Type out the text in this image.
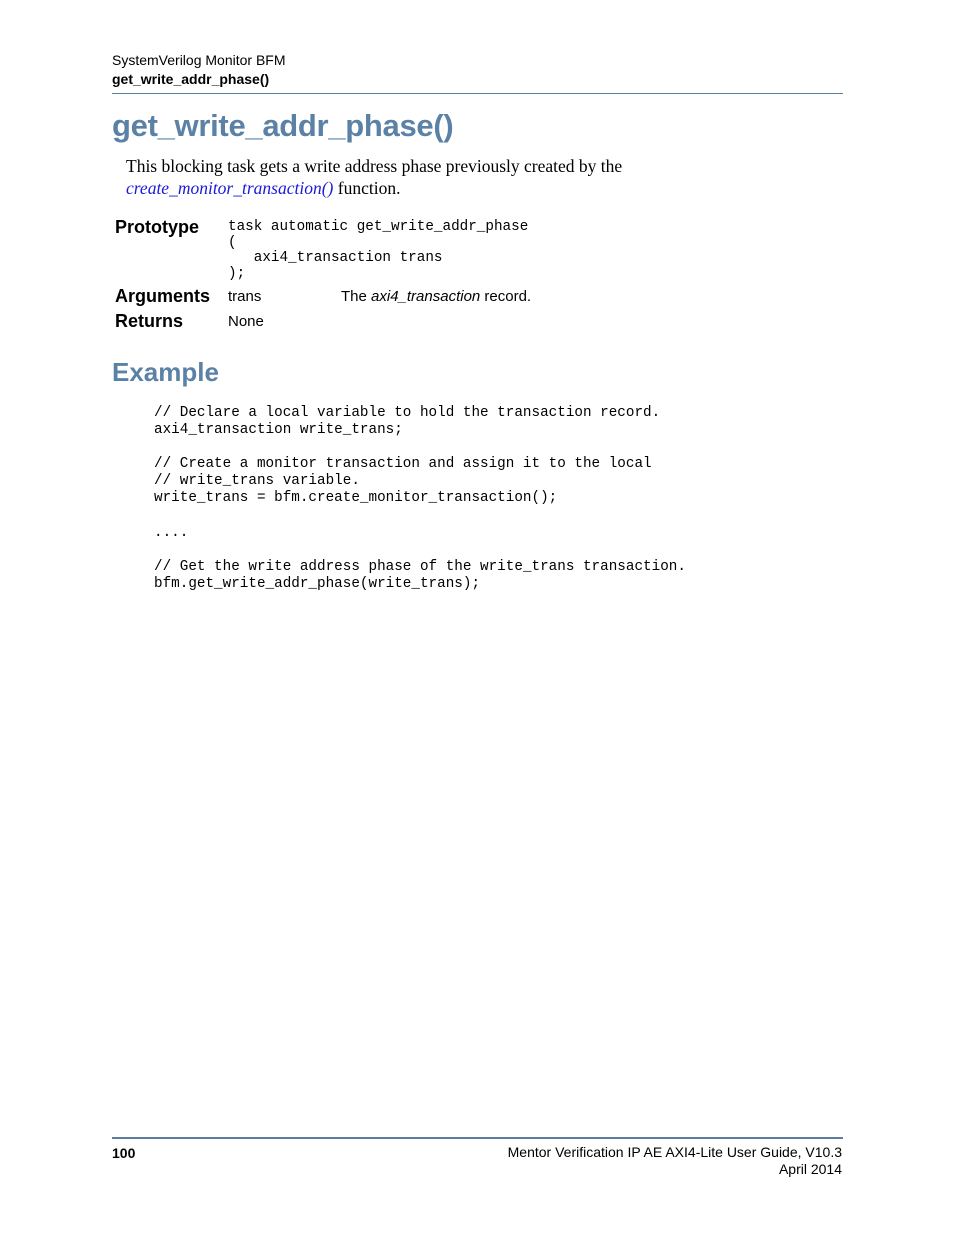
SystemVerilog Monitor BFM
get_write_addr_phase()
get_write_addr_phase()
This blocking task gets a write address phase previously created by the
create_monitor_transaction() function.
Prototype task automatic get_write_addr_phase
(
axi4_transaction trans
);
Arguments trans	The axi4_transaction record.
Returns	None
Example
// Declare a local variable to hold the transaction record.
axi4_transaction write_trans;

// Create a monitor transaction and assign it to the local
// write_trans variable.
write_trans = bfm.create_monitor_transaction();

....

// Get the write address phase of the write_trans transaction.
bfm.get_write_addr_phase(write_trans);
100	Mentor Verification IP AE AXI4-Lite User Guide, V10.3
April 2014
